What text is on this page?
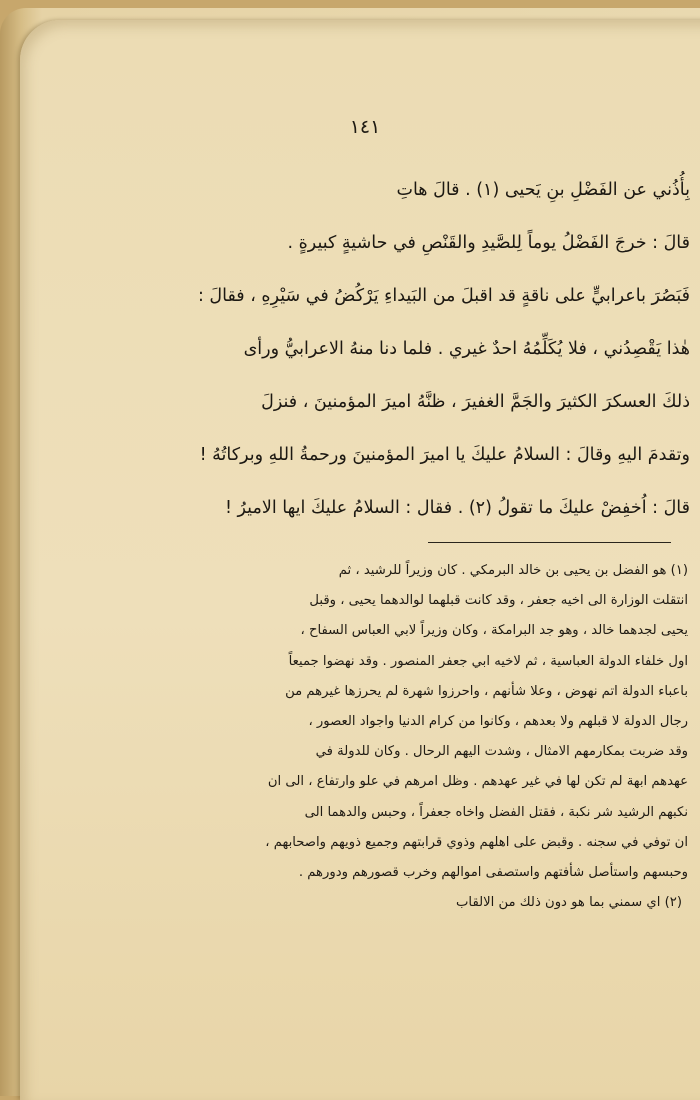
١٤١
بِأُذُني عن الفَضْلِ بنِ يَحيى (١) . قالَ هاتِ
قالَ : خرجَ الفَضْلُ يوماً لِلصَّيدِ والقَنْصِ في حاشيةٍ كبيرةٍ .
فَبَصُرَ باعرابيٍّ على ناقةٍ قد اقبلَ من البَيداءِ يَرْكُضُ في سَيْرِهِ ، فقالَ :
هٰذا يَقْصِدُني ، فلا يُكَلِّمُهُ احدٌ غيري . فلما دنا منهُ الاعرابيُّ ورأى
ذلكَ العسكرَ الكثيرَ والجَمَّ الغفيرَ ، ظنَّهُ اميرَ المؤمنينَ ، فنزلَ
وتقدمَ اليهِ وقالَ : السلامُ عليكَ يا اميرَ المؤمنينَ ورحمةُ اللهِ وبركاتُهُ !
قالَ : اُخفِضْ عليكَ ما تقولُ (٢) . فقال : السلامُ عليكَ ايها الاميرُ !
(١) هو الفضل بن يحيى بن خالد البرمكي . كان وزيراً للرشيد ، ثم
انتقلت الوزارة الى اخيه جعفر ، وقد كانت قبلهما لوالدهما يحيى ، وقبل
يحيى لجدهما خالد ، وهو جد البرامكة ، وكان وزيراً لابي العباس السفاح ،
اول خلفاء الدولة العباسية ، ثم لاخيه ابي جعفر المنصور . وقد نهضوا جميعاً
باعباء الدولة اتم نهوض ، وعلا شأنهم ، واحرزوا شهرة لم يحرزها غيرهم من
رجال الدولة لا قبلهم ولا بعدهم ، وكانوا من كرام الدنيا واجواد العصور ،
وقد ضربت بمكارمهم الامثال ، وشدت اليهم الرحال . وكان للدولة في
عهدهم ابهة لم تكن لها في غير عهدهم . وظل امرهم في علو وارتفاع ، الى ان
نكبهم الرشيد شر نكبة ، فقتل الفضل واخاه جعفراً ، وحبس والدهما الى
ان توفي في سجنه . وقبض على اهلهم وذوي قرابتهم وجميع ذويهم واصحابهم ،
وحبسهم واستأصل شأفتهم واستصفى اموالهم وخرب قصورهم ودورهم .
(٢) اي سمني بما هو دون ذلك من الالقاب
